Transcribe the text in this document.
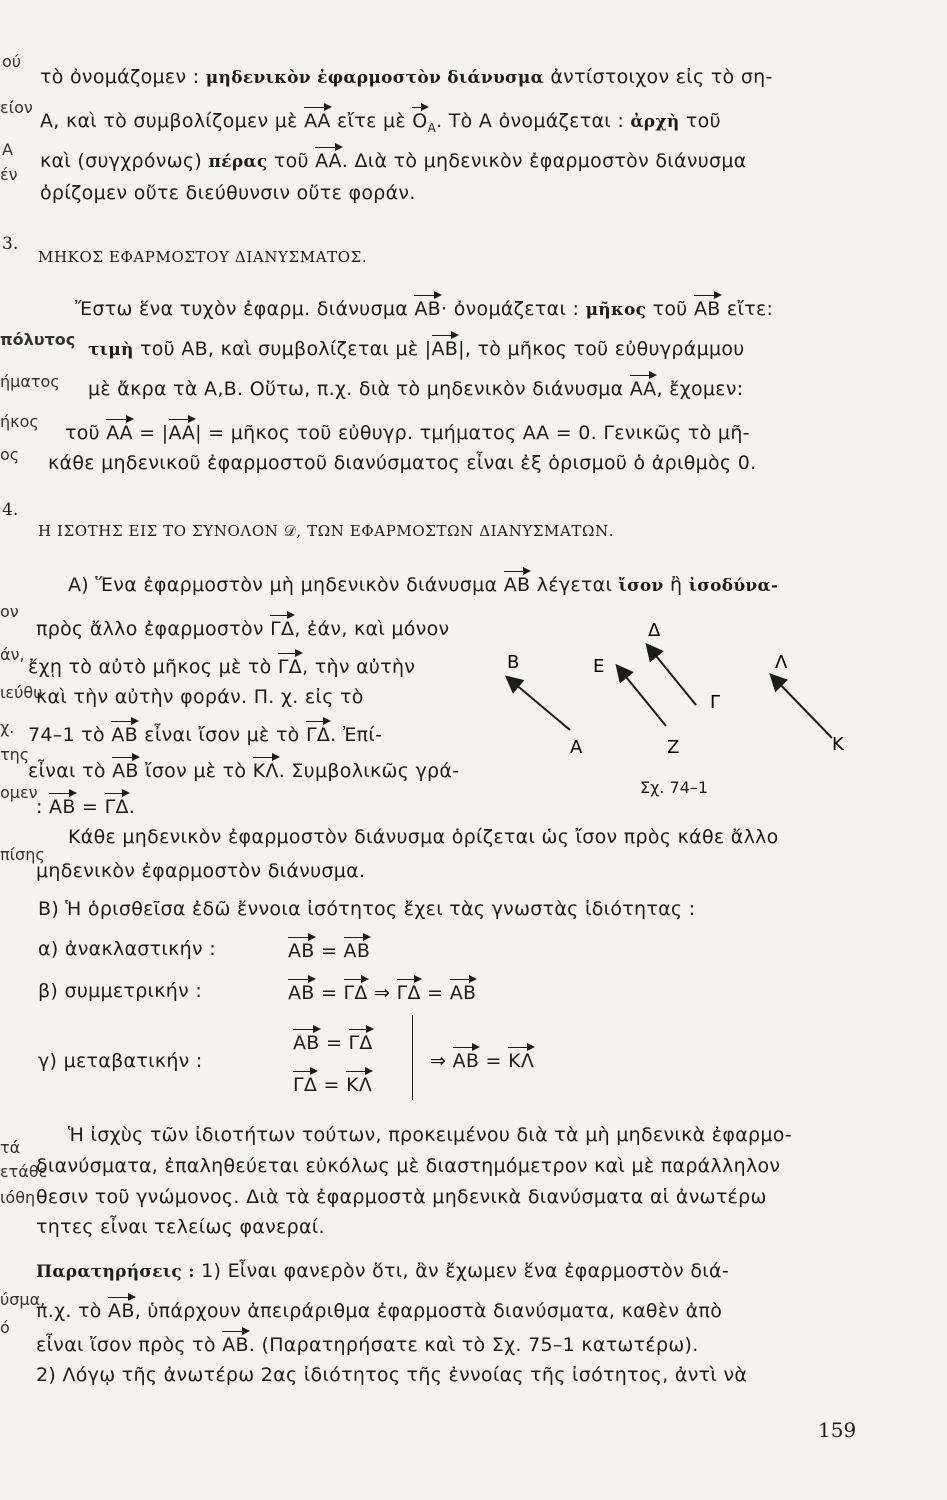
ού
είον
Α
έν
πόλυτος
ήματος
ήκος
ος
ον
άν,
ιεύθυ
χ.
της
ομεν
πίσης
τά
ετάθε
ιόθη
ύσμα,
ό
τὸ ὀνομάζομεν : μηδενικὸν ἐφαρμοστὸν διάνυσμα ἀντίστοιχον εἰς τὸ ση-
Α, καὶ τὸ συμβολίζομεν μὲ ΑΑ εἴτε μὲ $O_A$. Τὸ Α ὀνομάζεται : ἀρχὴ τοῦ
καὶ (συγχρόνως) πέρας τοῦ ΑΑ. Διὰ τὸ μηδενικὸν ἐφαρμοστὸν διάνυσμα
ὁρίζομεν οὔτε διεύθυνσιν οὔτε φοράν.
3.
ΜΗΚΟΣ ΕΦΑΡΜΟΣΤΟΥ ΔΙΑΝΥΣΜΑΤΟΣ.
Ἔστω ἕνα τυχὸν ἐφαρμ. διάνυσμα ΑΒ· ὀνομάζεται : μῆκος τοῦ ΑΒ εἴτε:
τιμὴ τοῦ ΑΒ, καὶ συμβολίζεται μὲ |ΑΒ|, τὸ μῆκος τοῦ εὐθυγράμμου
μὲ ἄκρα τὰ Α,Β. Οὕτω, π.χ. διὰ τὸ μηδενικὸν διάνυσμα ΑΑ, ἔχομεν:
τοῦ ΑΑ = |ΑΑ| = μῆκος τοῦ εὐθυγρ. τμήματος ΑΑ = 0. Γενικῶς τὸ μῆ-
κάθε μηδενικοῦ ἐφαρμοστοῦ διανύσματος εἶναι ἐξ ὁρισμοῦ ὁ ἀριθμὸς 0.
4.
Η ΙΣΟΤΗΣ ΕΙΣ ΤΟ ΣΥΝΟΛΟΝ 𝒟, ΤΩΝ ΕΦΑΡΜΟΣΤΩΝ ΔΙΑΝΥΣΜΑΤΩΝ.
Α) Ἕνα ἐφαρμοστὸν μὴ μηδενικὸν διάνυσμα ΑΒ λέγεται ἴσον ἢ ἰσοδύνα-
πρὸς ἄλλο ἐφαρμοστὸν ΓΔ, ἐάν, καὶ μόνον
ἔχῃ τὸ αὐτὸ μῆκος μὲ τὸ ΓΔ, τὴν αὐτὴν
καὶ τὴν αὐτὴν φοράν. Π. χ. εἰς τὸ
74–1 τὸ ΑΒ εἶναι ἴσον μὲ τὸ ΓΔ. Ἐπί-
εἶναι τὸ ΑΒ ἴσον μὲ τὸ ΚΛ. Συμβολικῶς γρά-
: ΑΒ = ΓΔ.
Β
Α
Ε
Ζ
Δ
Γ
Λ
Κ
Σχ. 74–1
Κάθε μηδενικὸν ἐφαρμοστὸν διάνυσμα ὁρίζεται ὡς ἴσον πρὸς κάθε ἄλλο
μηδενικὸν ἐφαρμοστὸν διάνυσμα.
Β) Ἡ ὁρισθεῖσα ἐδῶ ἔννοια ἰσότητος ἔχει τὰς γνωστὰς ἰδιότητας :
α) ἀνακλαστικήν :	ΑΒ = ΑΒ
β) συμμετρικήν :	ΑΒ = ΓΔ ⇒ ΓΔ = ΑΒ
γ) μεταβατικήν :
ΑΒ = ΓΔ
ΓΔ = ΚΛ
⇒ ΑΒ = ΚΛ
Ἡ ἰσχὺς τῶν ἰδιοτήτων τούτων, προκειμένου διὰ τὰ μὴ μηδενικὰ ἐφαρμο-
διανύσματα, ἐπαληθεύεται εὐκόλως μὲ διαστημόμετρον καὶ μὲ παράλληλον
θεσιν τοῦ γνώμονος. Διὰ τὰ ἐφαρμοστὰ μηδενικὰ διανύσματα αἱ ἀνωτέρω
τητες εἶναι τελείως φανεραί.
Παρατηρήσεις : 1) Εἶναι φανερὸν ὅτι, ἂν ἔχωμεν ἕνα ἐφαρμοστὸν διά-
π.χ. τὸ ΑΒ, ὑπάρχουν ἀπειράριθμα ἐφαρμοστὰ διανύσματα, καθὲν ἀπὸ
εἶναι ἴσον πρὸς τὸ ΑΒ. (Παρατηρήσατε καὶ τὸ Σχ. 75–1 κατωτέρω).
2) Λόγῳ τῆς ἀνωτέρω 2ας ἰδιότητος τῆς ἐννοίας τῆς ἰσότητος, ἀντὶ νὰ
159
